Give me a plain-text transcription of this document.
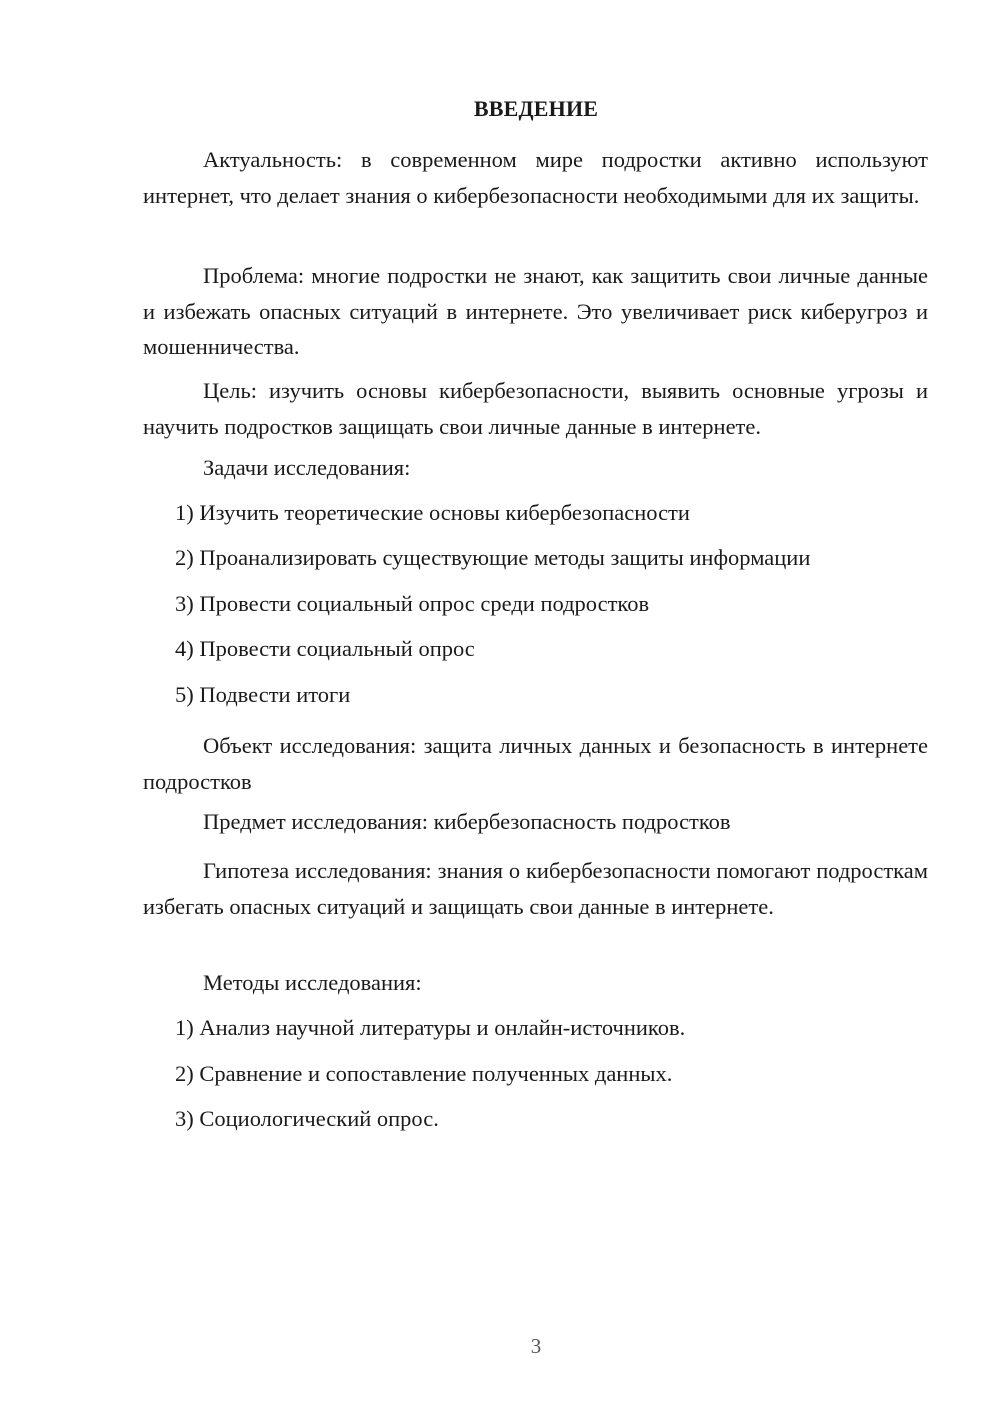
ВВЕДЕНИЕ

Актуальность: в современном мире подростки активно используют интернет, что делает знания о кибербезопасности необходимыми для их защиты.

Проблема: многие подростки не знают, как защитить свои личные данные и избежать опасных ситуаций в интернете. Это увеличивает риск киберугроз и мошенничества.

Цель: изучить основы кибербезопасности, выявить основные угрозы и научить подростков защищать свои личные данные в интернете.

Задачи исследования:
1) Изучить теоретические основы кибербезопасности
2) Проанализировать существующие методы защиты информации
3) Провести социальный опрос среди подростков
4) Провести социальный опрос
5) Подвести итоги

Объект исследования: защита личных данных и безопасность в интернете подростков

Предмет исследования: кибербезопасность подростков

Гипотеза исследования: знания о кибербезопасности помогают подросткам избегать опасных ситуаций и защищать свои данные в интернете.

Методы исследования:
1) Анализ научной литературы и онлайн-источников.
2) Сравнение и сопоставление полученных данных.
3) Социологический опрос.
3
